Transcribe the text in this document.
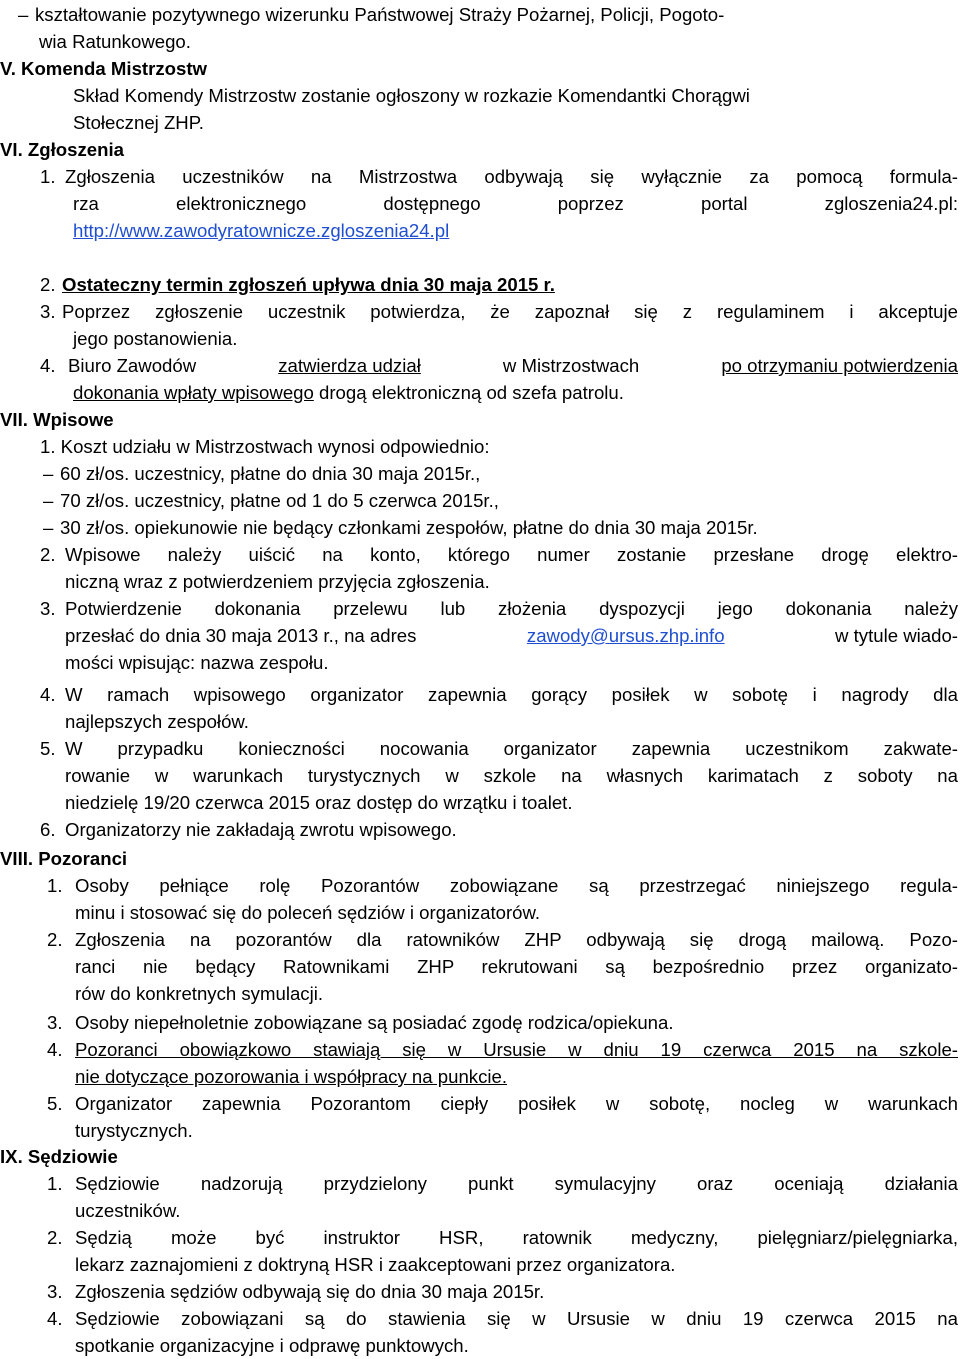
– kształtowanie pozytywnego wizerunku Państwowej Straży Pożarnej, Policji, Pogoto-
wia Ratunkowego.
V. Komenda Mistrzostw
Skład Komendy Mistrzostw zostanie ogłoszony w rozkazie Komendantki Chorągwi
Stołecznej ZHP.
VI. Zgłoszenia
1. Zgłoszenia uczestników na Mistrzostwa odbywają się wyłącznie za pomocą formula-
rza elektronicznego dostępnego poprzez portal zgloszenia24.pl:
http://www.zawodyratownicze.zgloszenia24.pl
2. Ostateczny termin zgłoszeń upływa dnia 30 maja 2015 r.
3. Poprzez zgłoszenie uczestnik potwierdza, że zapoznał się z regulaminem i akceptuje
jego postanowienia.
4. Biuro Zawodów	zatwierdza udział	w Mistrzostwach	po otrzymaniu potwierdzenia
dokonania wpłaty wpisowego drogą elektroniczną od szefa patrolu.
VII. Wpisowe
1. Koszt udziału w Mistrzostwach wynosi odpowiednio:
– 60 zł/os. uczestnicy, płatne do dnia 30 maja 2015r.,
– 70 zł/os. uczestnicy, płatne od 1 do 5 czerwca 2015r.,
– 30 zł/os. opiekunowie nie będący członkami zespołów, płatne do dnia 30 maja 2015r.
2. Wpisowe należy uiścić na konto, którego numer zostanie przesłane drogę elektro-
niczną wraz z potwierdzeniem przyjęcia zgłoszenia.
3. Potwierdzenie dokonania przelewu lub złożenia dyspozycji jego dokonania należy
przesłać do dnia 30 maja 2013 r., na adres	zawody@ursus.zhp.info	w tytule wiado-
mości wpisując: nazwa zespołu.
4. W ramach wpisowego organizator zapewnia gorący posiłek w sobotę i nagrody dla
najlepszych zespołów.
5. W przypadku konieczności nocowania organizator zapewnia uczestnikom zakwate-
rowanie w warunkach turystycznych w szkole na własnych karimatach z soboty na
niedzielę 19/20 czerwca 2015 oraz dostęp do wrzątku i toalet.
6. Organizatorzy nie zakładają zwrotu wpisowego.
VIII. Pozoranci
1. Osoby pełniące rolę Pozorantów zobowiązane są przestrzegać niniejszego regula-
minu i stosować się do poleceń sędziów i organizatorów.
2. Zgłoszenia na pozorantów dla ratowników ZHP odbywają się drogą mailową. Pozo-
ranci nie będący Ratownikami ZHP rekrutowani są bezpośrednio przez organizato-
rów do konkretnych symulacji.
3. Osoby niepełnoletnie zobowiązane są posiadać zgodę rodzica/opiekuna.
4. Pozoranci obowiązkowo stawiają się w Ursusie w dniu 19 czerwca 2015 na szkole-
nie dotyczące pozorowania i współpracy na punkcie.
5. Organizator zapewnia Pozorantom ciepły posiłek w sobotę, nocleg w warunkach
turystycznych.
IX. Sędziowie
1. Sędziowie nadzorują przydzielony punkt symulacyjny oraz oceniają działania
uczestników.
2. Sędzią może być instruktor HSR, ratownik medyczny, pielęgniarz/pielęgniarka,
lekarz zaznajomieni z doktryną HSR i zaakceptowani przez organizatora.
3. Zgłoszenia sędziów odbywają się do dnia 30 maja 2015r.
4. Sędziowie zobowiązani są do stawienia się w Ursusie w dniu 19 czerwca 2015 na
spotkanie organizacyjne i odprawę punktowych.
